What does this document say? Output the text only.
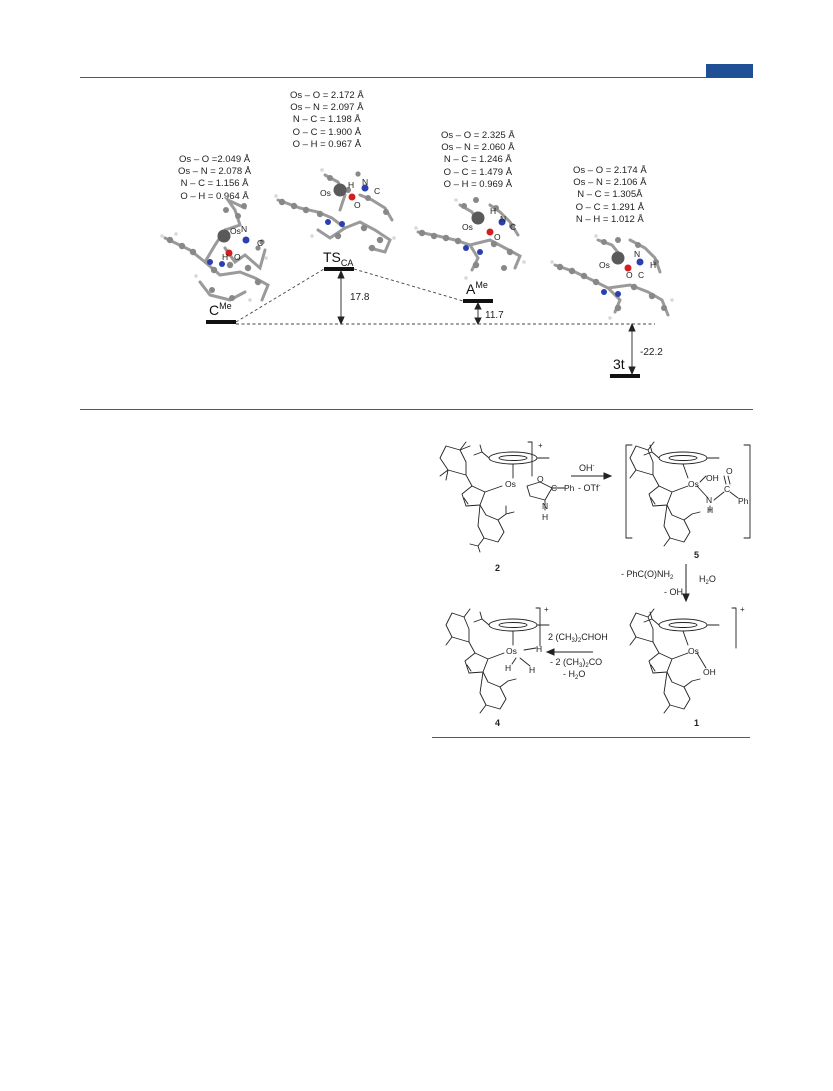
Os – O =2.049 Å
Os – N = 2.078 Å
N – C = 1.156 Å
O – H = 0.964 Å
Os – O = 2.172 Å
Os – N = 2.097 Å
N – C = 1.198 Å
O – C = 1.900 Å
O – H = 0.967 Å
Os – O = 2.325 Å
Os – N = 2.060 Å
N – C = 1.246 Å
O – C = 1.479 Å
O – H = 0.969 Å
Os – O = 2.174 Å
Os – N = 2.106 Å
N – C = 1.305Å
O – C = 1.291 Å
N – H = 1.012 Å
Os N
C
H O
Os
H
O
N
C
Os
H
N
C
O
Os
N
H
C
O
17.8
11.7
-22.2
$C^{Me}$
$TS_{CA}$
$A^{Me}$
3t
+
+
+
Os O
C Ph
N
H
Os
OH
N
C
O
Ph
H
Os
OH
Os H
H H
OH-
- OTf-
- $PhC(O)NH_2$
- OH
$H_2O$
2 $(CH_3)_2CHOH$
- 2 $(CH_3)_2CO$
- $H_2O$
2
5
1
4
